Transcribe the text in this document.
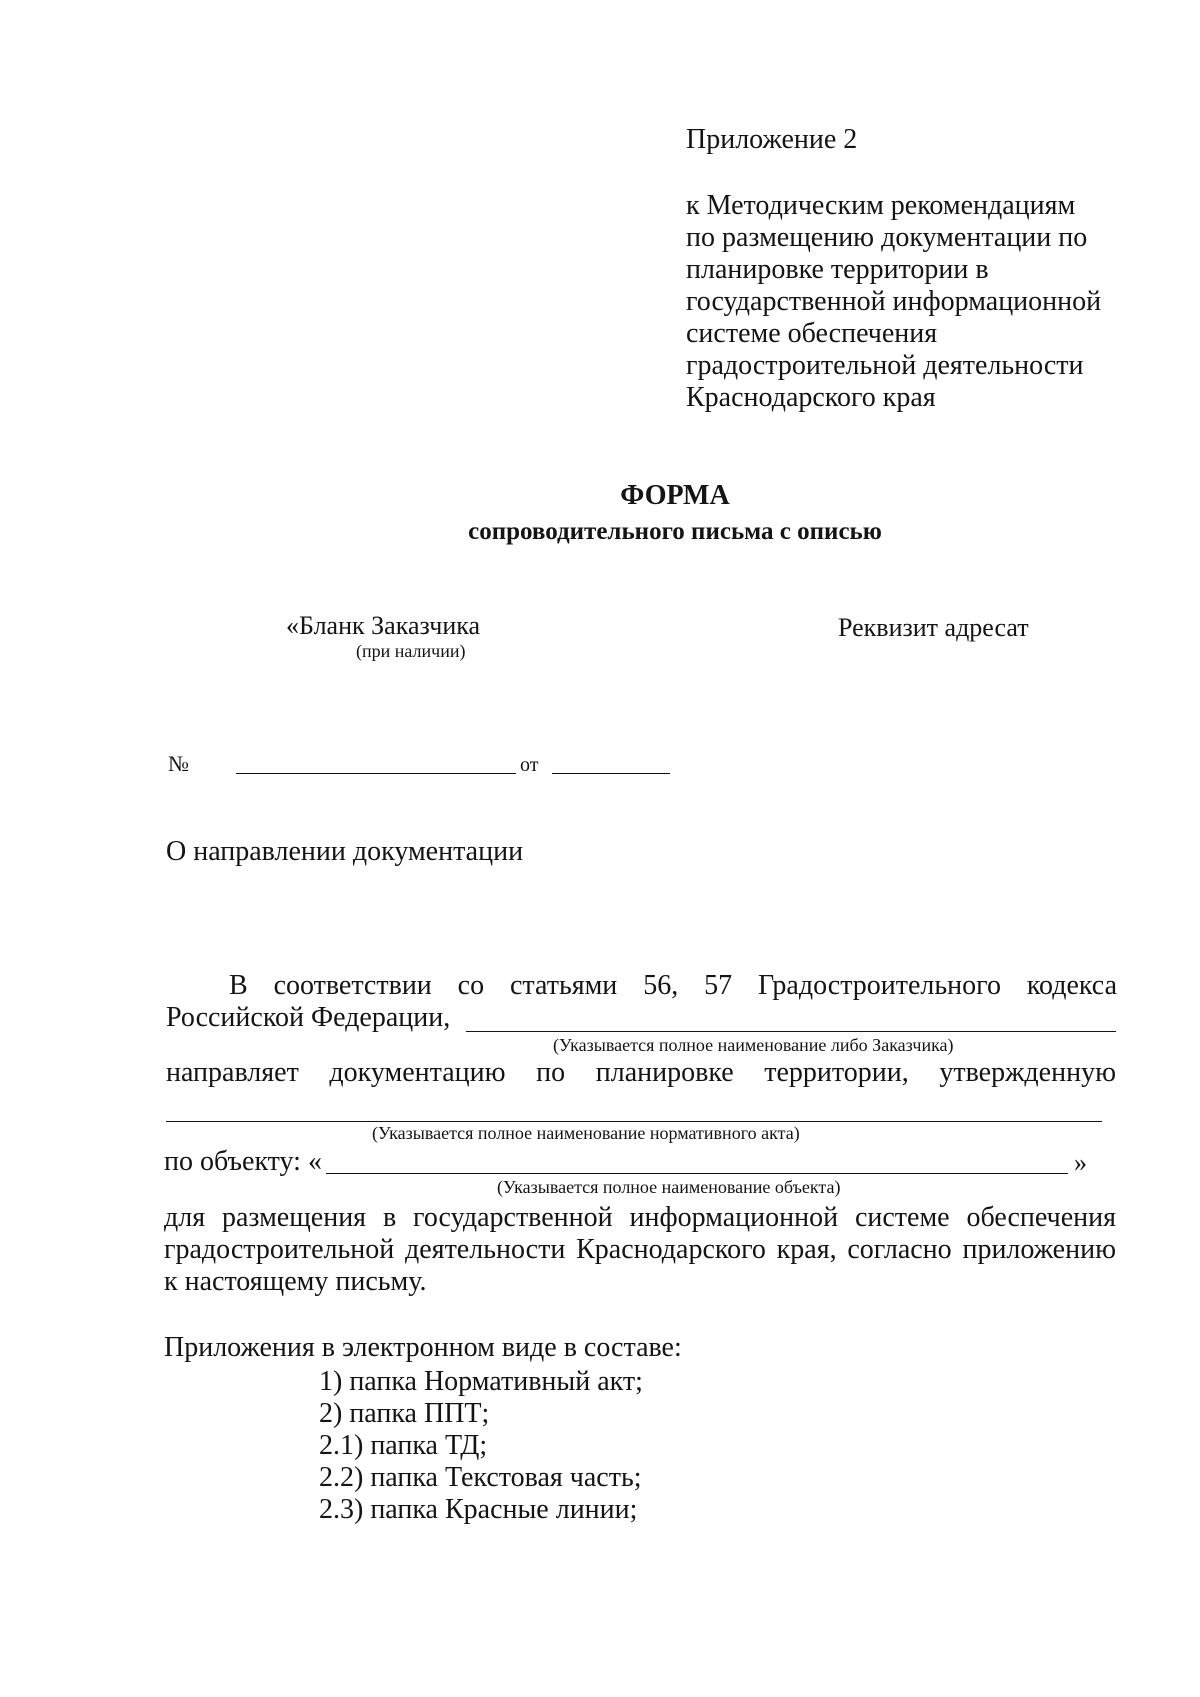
Приложение 2
к Методическим рекомендациям
по размещению документации по
планировке территории в
государственной информационной
системе обеспечения
градостроительной деятельности
Краснодарского края
ФОРМА
сопроводительного письма с описью
«Бланк Заказчика
(при наличии)
Реквизит адресат
№	от
О направлении документации
В соответствии со статьями 56, 57 Градостроительного кодекса
Российской Федерации,
(Указывается полное наименование либо Заказчика)
направляет документацию по планировке территории, утвержденную
(Указывается полное наименование нормативного акта)
по объекту: «	»
(Указывается полное наименование объекта)
для размещения в государственной информационной системе обеспечения
градостроительной деятельности Краснодарского края, согласно приложению
к настоящему письму.
Приложения в электронном виде в составе:
1) папка Нормативный акт;
2) папка ППТ;
2.1) папка ТД;
2.2) папка Текстовая часть;
2.3) папка Красные линии;
